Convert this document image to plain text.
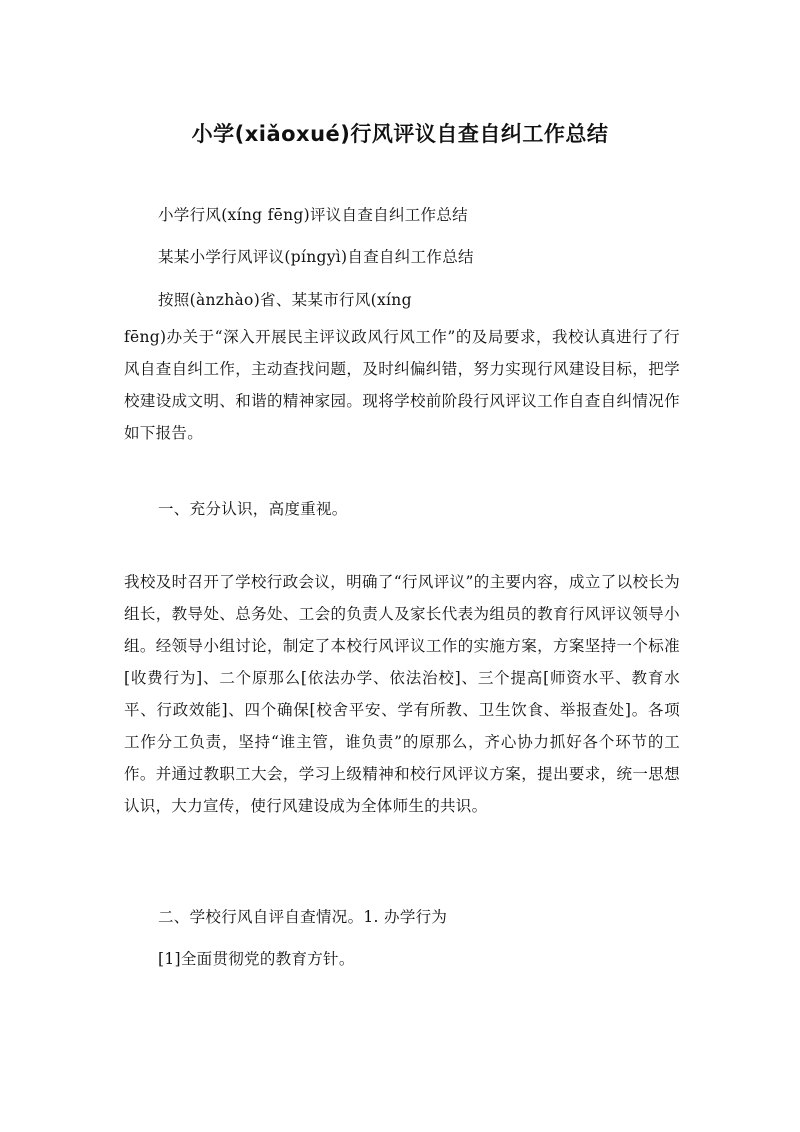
小学(xiǎoxué)行风评议自查自纠工作总结
小学行风(xíng fēng)评议自查自纠工作总结
某某小学行风评议(píngyì)自查自纠工作总结
按照(ànzhào)省、某某市行风(xíng

fēng)办关于“深入开展民主评议政风行风工作”的及局要求，我校认真进行了行风自查自纠工作，主动查找问题，及时纠偏纠错，努力实现行风建设目标，把学校建设成文明、和谐的精神家园。现将学校前阶段行风评议工作自查自纠情况作如下报告。

一、充分认识，高度重视。

我校及时召开了学校行政会议，明确了“行风评议”的主要内容，成立了以校长为组长，教导处、总务处、工会的负责人及家长代表为组员的教育行风评议领导小组。经领导小组讨论，制定了本校行风评议工作的实施方案，方案坚持一个标准[收费行为]、二个原那么[依法办学、依法治校]、三个提高[师资水平、教育水平、行政效能]、四个确保[校舍平安、学有所教、卫生饮食、举报查处]。各项工作分工负责，坚持“谁主管，谁负责”的原那么，齐心协力抓好各个环节的工作。并通过教职工大会，学习上级精神和校行风评议方案，提出要求，统一思想认识，大力宣传，使行风建设成为全体师生的共识。

二、学校行风自评自查情况。1. 办学行为
[1]全面贯彻党的教育方针。
